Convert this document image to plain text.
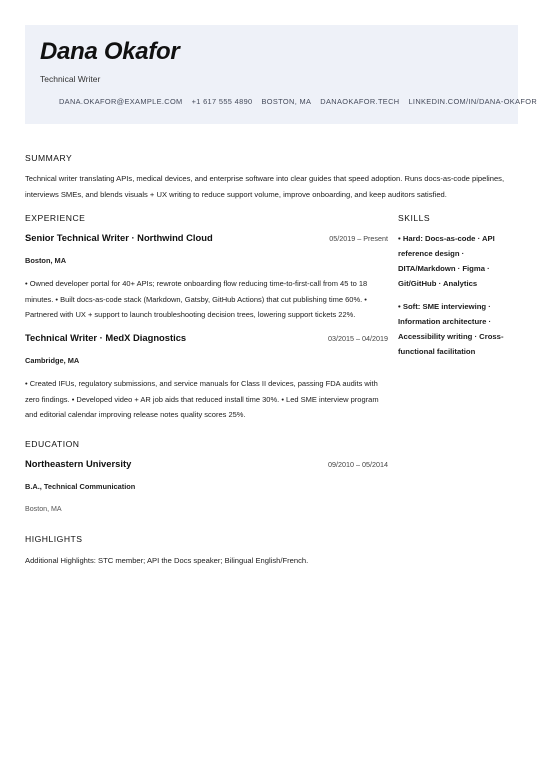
Dana Okafor
Technical Writer
DANA.OKAFOR@EXAMPLE.COM +1 617 555 4890 BOSTON, MA DANAOKAFOR.TECH LINKEDIN.COM/IN/DANA-OKAFOR
SUMMARY
Technical writer translating APIs, medical devices, and enterprise software into clear guides that speed adoption. Runs docs-as-code pipelines, interviews SMEs, and blends visuals + UX writing to reduce support volume, improve onboarding, and keep auditors satisfied.
EXPERIENCE
Senior Technical Writer · Northwind Cloud	05/2019 – Present
Boston, MA
• Owned developer portal for 40+ APIs; rewrote onboarding flow reducing time-to-first-call from 45 to 18 minutes. • Built docs-as-code stack (Markdown, Gatsby, GitHub Actions) that cut publishing time 60%. • Partnered with UX + support to launch troubleshooting decision trees, lowering support tickets 22%.
Technical Writer · MedX Diagnostics	03/2015 – 04/2019
Cambridge, MA
• Created IFUs, regulatory submissions, and service manuals for Class II devices, passing FDA audits with zero findings. • Developed video + AR job aids that reduced install time 30%. • Led SME interview program and editorial calendar improving release notes quality scores 25%.
EDUCATION
Northeastern University	09/2010 – 05/2014
B.A., Technical Communication
Boston, MA
HIGHLIGHTS
Additional Highlights: STC member; API the Docs speaker; Bilingual English/French.
SKILLS
• Hard: Docs-as-code · API reference design · DITA/Markdown · Figma · Git/GitHub · Analytics
• Soft: SME interviewing · Information architecture · Accessibility writing · Cross-functional facilitation
